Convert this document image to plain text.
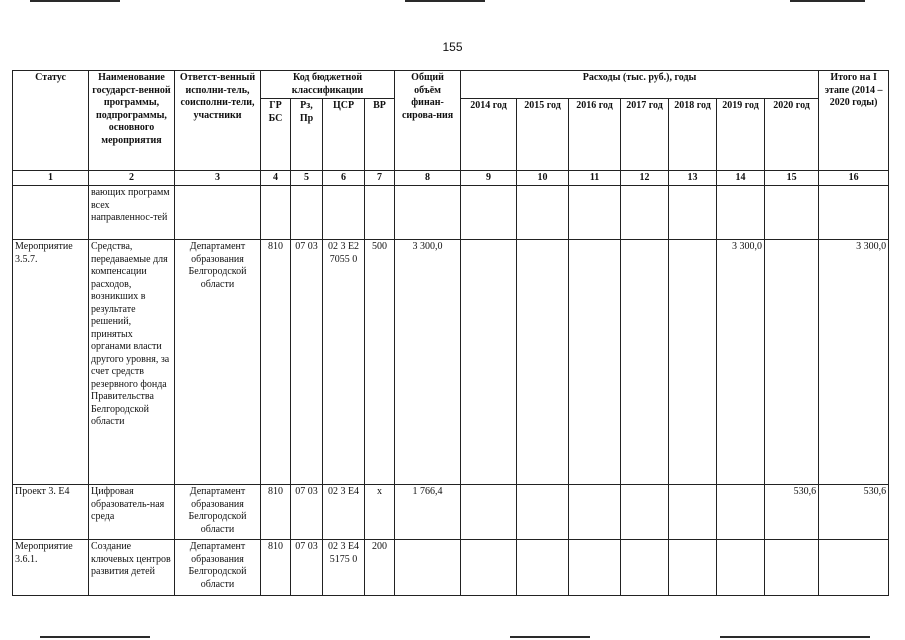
155
Статус	Наименование государст-венной программы, подпрограммы, основного мероприятия	Ответст-венный исполни-тель, соисполни-тели, участники	Код бюджетной классификации				Общий объём финан-сирова-ния	Расходы (тыс. руб.), годы							Итого на I этапе (2014 – 2020 годы)
			ГР БС	Рз, Пр	ЦСР	ВР		2014 год	2015 год	2016 год	2017 год	2018 год	2019 год	2020 год	
1	2	3	4	5	6	7	8	9	10	11	12	13	14	15	16
	вающих программ всех направленнос-тей														
Мероприятие 3.5.7.	Средства, передаваемые для компенсации расходов, возникших в результате решений, принятых органами власти другого уровня, за счет средств резервного фонда Правительства Белгородской области	Департамент образования Белгородской области	810	07 03	02 3 Е2 7055 0	500	3 300,0						3 300,0		3 300,0
Проект 3. Е4	Цифровая образователь-ная среда	Департамент образования Белгородской области	810	07 03	02 3 Е4	x	1 766,4							530,6	530,6
Мероприятие 3.6.1.	Создание ключевых центров развития детей	Департамент образования Белгородской области	810	07 03	02 3 Е4 5175 0	200									
